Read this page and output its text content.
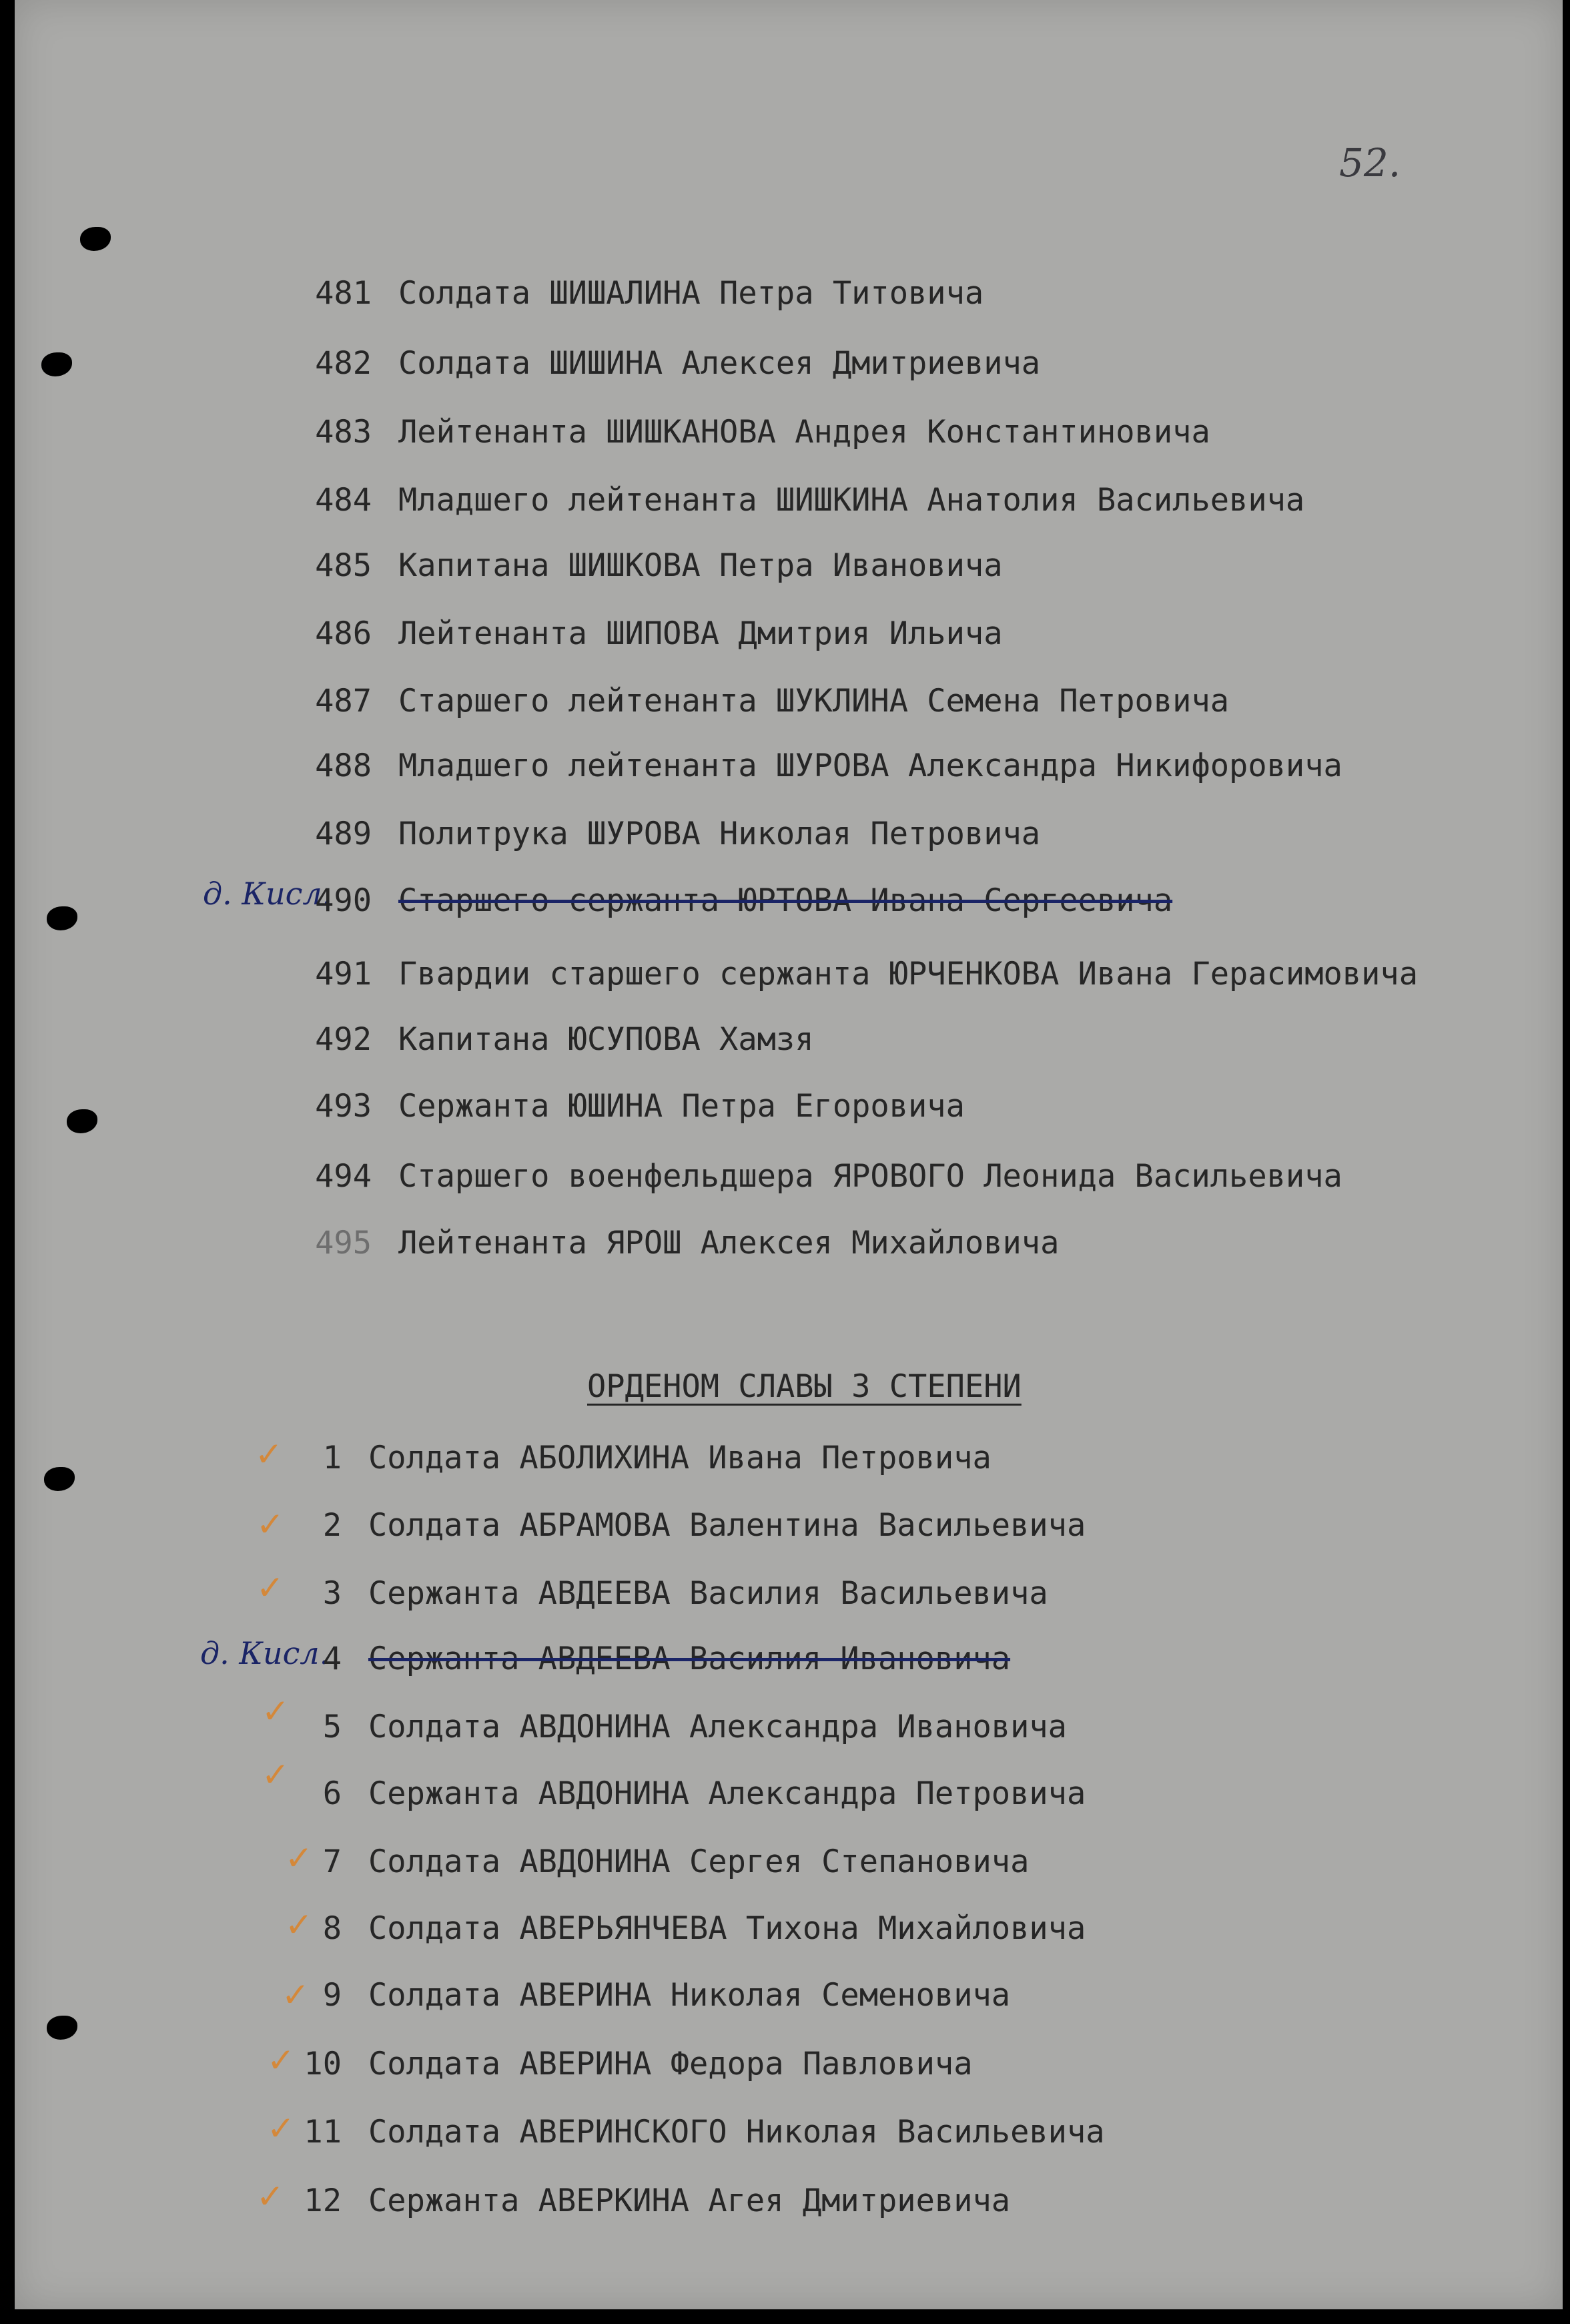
52.
481 Солдата ШИШАЛИНА Петра Титовича
482 Солдата ШИШИНА Алексея Дмитриевича
483 Лейтенанта ШИШКАНОВА Андрея Константиновича
484 Младшего лейтенанта ШИШКИНА Анатолия Васильевича
485 Капитана ШИШКОВА Петра Ивановича
486 Лейтенанта ШИПОВА Дмитрия Ильича
487 Старшего лейтенанта ШУКЛИНА Семена Петровича
488 Младшего лейтенанта ШУРОВА Александра Никифоровича
489 Политрука ШУРОВА Николая Петровича
д. Кисл.
490 Старшего сержанта ЮРТОВА Ивана Сергеевича
491 Гвардии старшего сержанта ЮРЧЕНКОВА Ивана Герасимовича
492 Капитана ЮСУПОВА Хамзя
493 Сержанта ЮШИНА Петра Егоровича
494 Старшего военфельдшера ЯРОВОГО Леонида Васильевича
495 Лейтенанта ЯРОШ Алексея Михайловича
ОРДЕНОМ СЛАВЫ 3 СТЕПЕНИ
✓	1 Солдата АБОЛИХИНА Ивана Петровича
✓	2 Солдата АБРАМОВА Валентина Васильевича
✓	3 Сержанта АВДЕЕВА Василия Васильевича
д. Кисл.
4 Сержанта АВДЕЕВА Василия Ивановича
✓	5 Солдата АВДОНИНА Александра Ивановича
✓	6 Сержанта АВДОНИНА Александра Петровича
✓ 7 Солдата АВДОНИНА Сергея Степановича
✓ 8 Солдата АВЕРЬЯНЧЕВА Тихона Михайловича
✓ 9 Солдата АВЕРИНА Николая Семеновича
✓ 10 Солдата АВЕРИНА Федора Павловича
✓ 11 Солдата АВЕРИНСКОГО Николая Васильевича
✓ 12 Сержанта АВЕРКИНА Агея Дмитриевича
